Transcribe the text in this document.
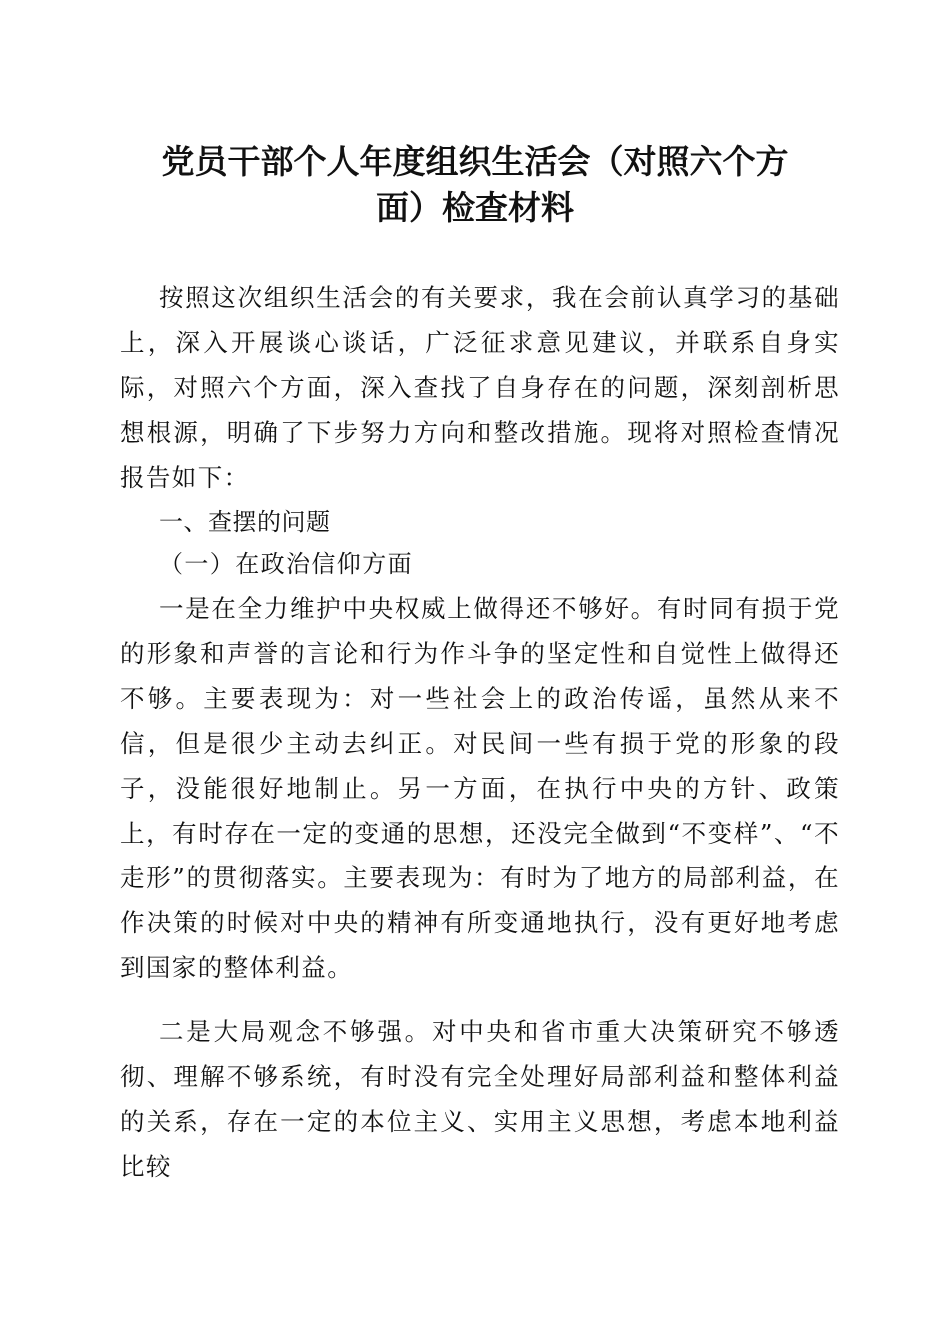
党员干部个人年度组织生活会（对照六个方
面）检查材料

按照这次组织生活会的有关要求，我在会前认真学习的基础上，深入开展谈心谈话，广泛征求意见建议，并联系自身实际，对照六个方面，深入查找了自身存在的问题，深刻剖析思想根源，明确了下步努力方向和整改措施。现将对照检查情况报告如下：

一、查摆的问题

（一）在政治信仰方面

一是在全力维护中央权威上做得还不够好。有时同有损于党的形象和声誉的言论和行为作斗争的坚定性和自觉性上做得还不够。主要表现为：对一些社会上的政治传谣，虽然从来不信，但是很少主动去纠正。对民间一些有损于党的形象的段子，没能很好地制止。另一方面，在执行中央的方针、政策上，有时存在一定的变通的思想，还没完全做到“不变样”、“不走形”的贯彻落实。主要表现为：有时为了地方的局部利益，在作决策的时候对中央的精神有所变通地执行，没有更好地考虑到国家的整体利益。

二是大局观念不够强。对中央和省市重大决策研究不够透彻、理解不够系统，有时没有完全处理好局部利益和整体利益的关系，存在一定的本位主义、实用主义思想，考虑本地利益比较
